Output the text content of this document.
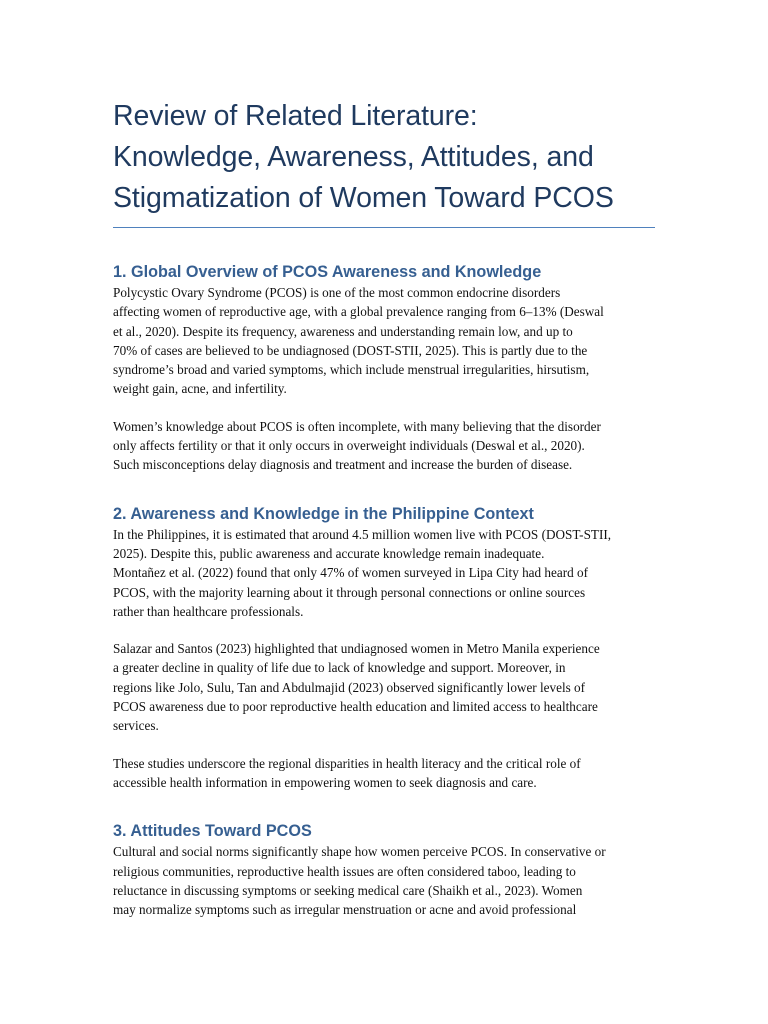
Review of Related Literature:
Knowledge, Awareness, Attitudes, and
Stigmatization of Women Toward PCOS
1. Global Overview of PCOS Awareness and Knowledge

Polycystic Ovary Syndrome (PCOS) is one of the most common endocrine disorders
affecting women of reproductive age, with a global prevalence ranging from 6–13% (Deswal
et al., 2020). Despite its frequency, awareness and understanding remain low, and up to
70% of cases are believed to be undiagnosed (DOST-STII, 2025). This is partly due to the
syndrome’s broad and varied symptoms, which include menstrual irregularities, hirsutism,
weight gain, acne, and infertility.

Women’s knowledge about PCOS is often incomplete, with many believing that the disorder
only affects fertility or that it only occurs in overweight individuals (Deswal et al., 2020).
Such misconceptions delay diagnosis and treatment and increase the burden of disease.

2. Awareness and Knowledge in the Philippine Context

In the Philippines, it is estimated that around 4.5 million women live with PCOS (DOST-STII,
2025). Despite this, public awareness and accurate knowledge remain inadequate.
Montañez et al. (2022) found that only 47% of women surveyed in Lipa City had heard of
PCOS, with the majority learning about it through personal connections or online sources
rather than healthcare professionals.

Salazar and Santos (2023) highlighted that undiagnosed women in Metro Manila experience
a greater decline in quality of life due to lack of knowledge and support. Moreover, in
regions like Jolo, Sulu, Tan and Abdulmajid (2023) observed significantly lower levels of
PCOS awareness due to poor reproductive health education and limited access to healthcare
services.

These studies underscore the regional disparities in health literacy and the critical role of
accessible health information in empowering women to seek diagnosis and care.

3. Attitudes Toward PCOS

Cultural and social norms significantly shape how women perceive PCOS. In conservative or
religious communities, reproductive health issues are often considered taboo, leading to
reluctance in discussing symptoms or seeking medical care (Shaikh et al., 2023). Women
may normalize symptoms such as irregular menstruation or acne and avoid professional
